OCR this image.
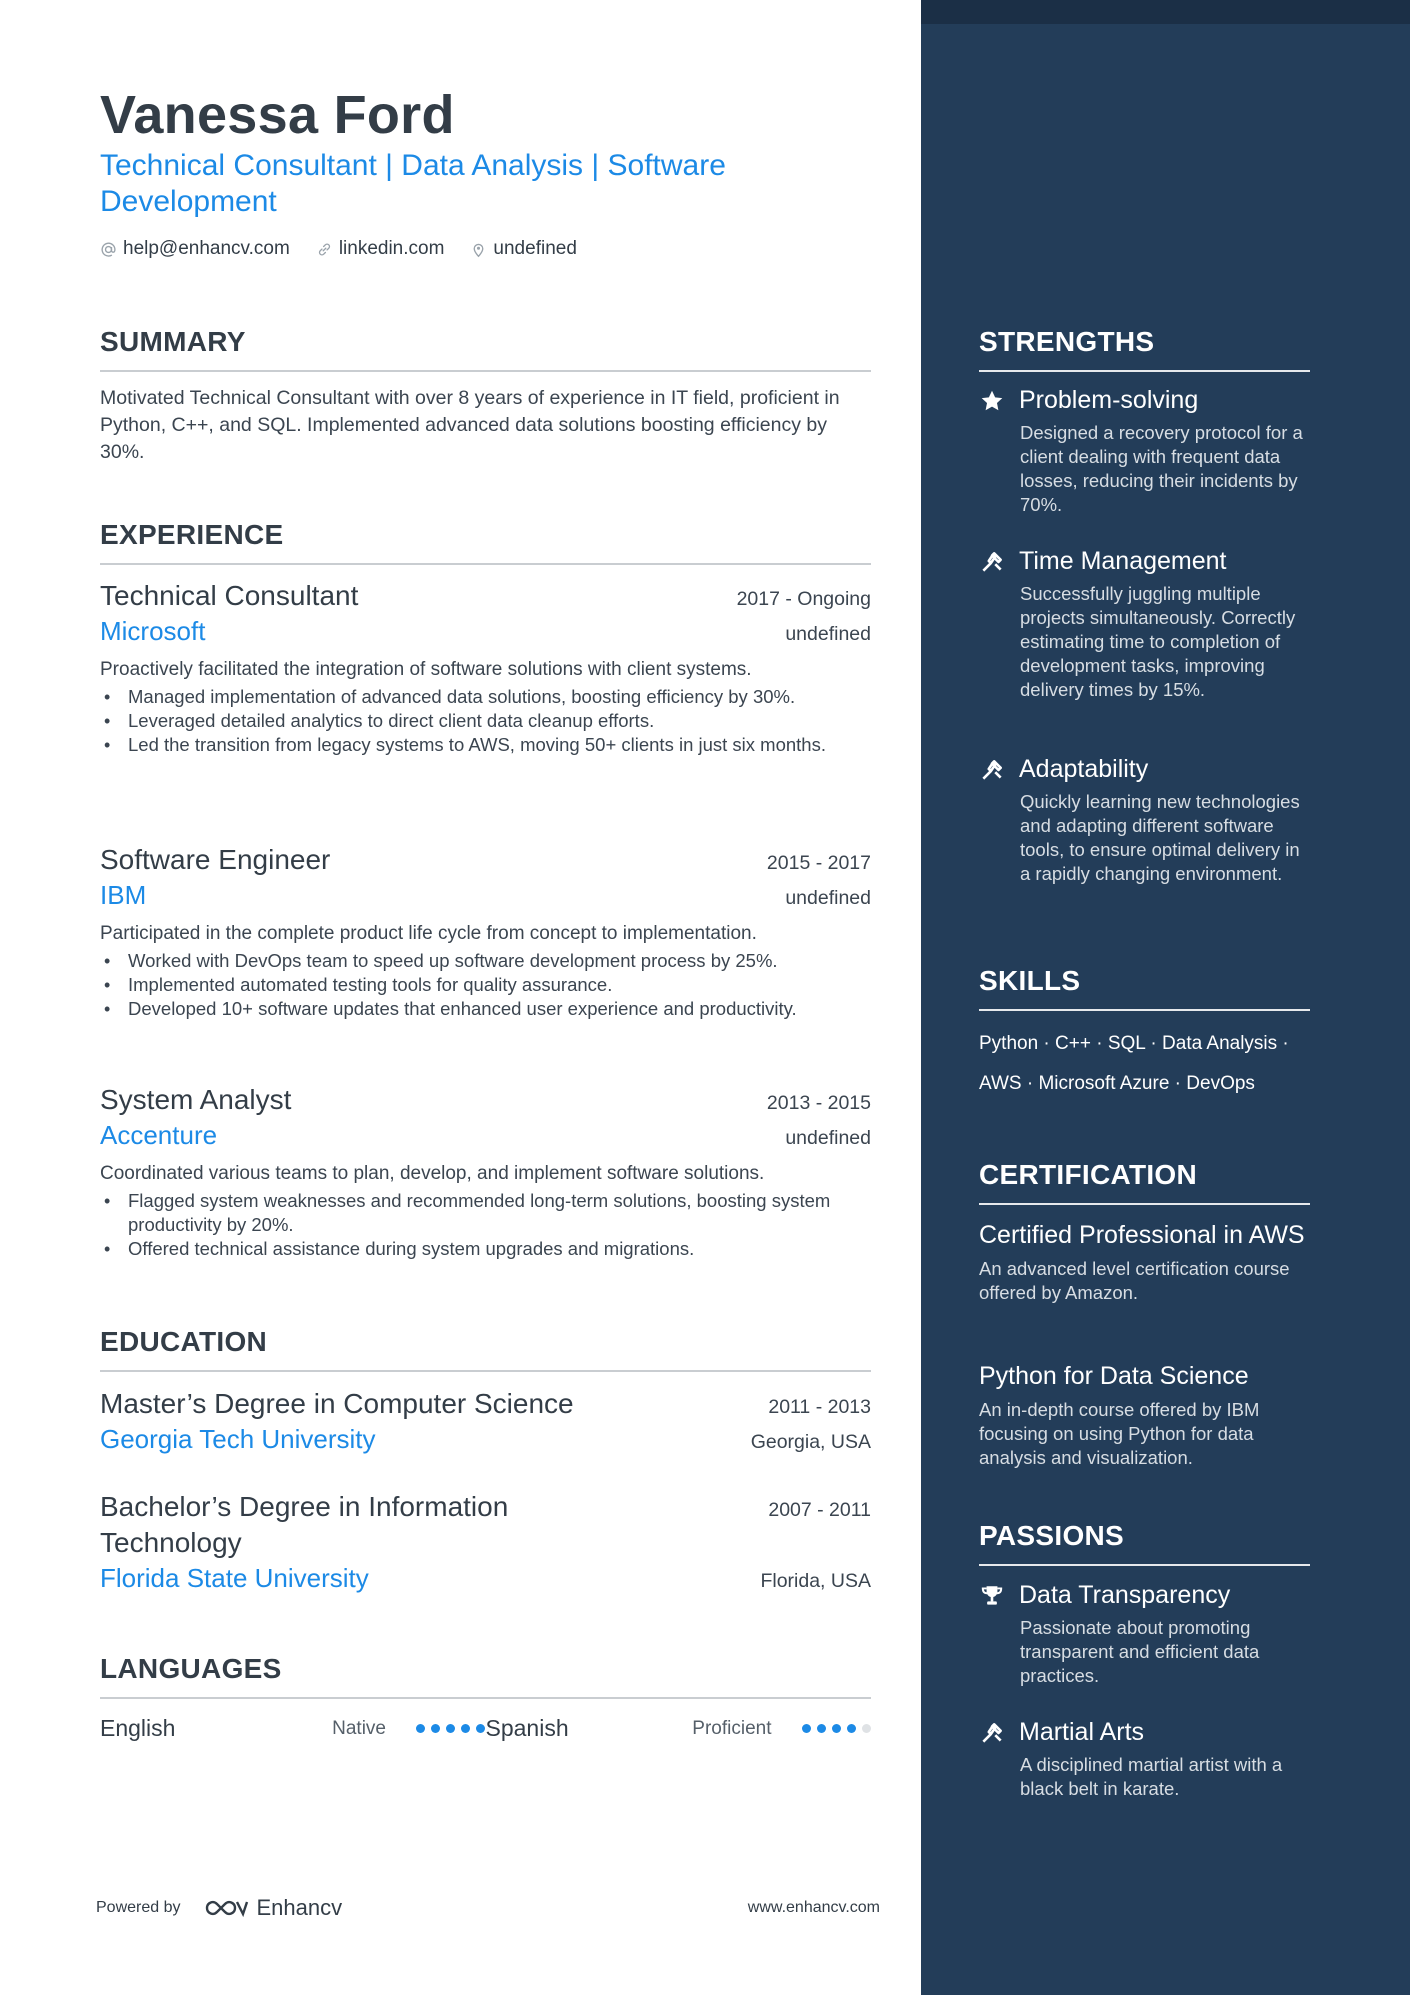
Vanessa Ford
Technical Consultant | Data Analysis | Software Development
help@enhancv.com	linkedin.com	undefined
SUMMARY

Motivated Technical Consultant with over 8 years of experience in IT field, proficient in Python, C++, and SQL. Implemented advanced data solutions boosting efficiency by 30%.

EXPERIENCE
Technical Consultant	2017 - Ongoing
Microsoft	undefined

Proactively facilitated the integration of software solutions with client systems.

• Managed implementation of advanced data solutions, boosting efficiency by 30%.
• Leveraged detailed analytics to direct client data cleanup efforts.
• Led the transition from legacy systems to AWS, moving 50+ clients in just six months.
Software Engineer	2015 - 2017
IBM	undefined

Participated in the complete product life cycle from concept to implementation.

• Worked with DevOps team to speed up software development process by 25%.
• Implemented automated testing tools for quality assurance.
• Developed 10+ software updates that enhanced user experience and productivity.
System Analyst	2013 - 2015
Accenture	undefined

Coordinated various teams to plan, develop, and implement software solutions.

• Flagged system weaknesses and recommended long-term solutions, boosting system productivity by 20%.
• Offered technical assistance during system upgrades and migrations.
EDUCATION
Master’s Degree in Computer Science	2011 - 2013
Georgia Tech University	Georgia, USA
Bachelor’s Degree in Information Technology
2007 - 2011
Florida State University	Florida, USA
LANGUAGES
English	Native	Spanish	Proficient
Powered by	Enhancv	www.enhancv.com
STRENGTHS
Problem-solving

Designed a recovery protocol for a client dealing with frequent data losses, reducing their incidents by 70%.

Time Management

Successfully juggling multiple projects simultaneously. Correctly estimating time to completion of development tasks, improving delivery times by 15%.

Adaptability

Quickly learning new technologies and adapting different software tools, to ensure optimal delivery in a rapidly changing environment.

SKILLS
Python · C++ · SQL · Data Analysis ·
AWS · Microsoft Azure · DevOps
CERTIFICATION
Certified Professional in AWS

An advanced level certification course offered by Amazon.

Python for Data Science

An in-depth course offered by IBM focusing on using Python for data analysis and visualization.

PASSIONS
Data Transparency

Passionate about promoting transparent and efficient data practices.

Martial Arts

A disciplined martial artist with a black belt in karate.
